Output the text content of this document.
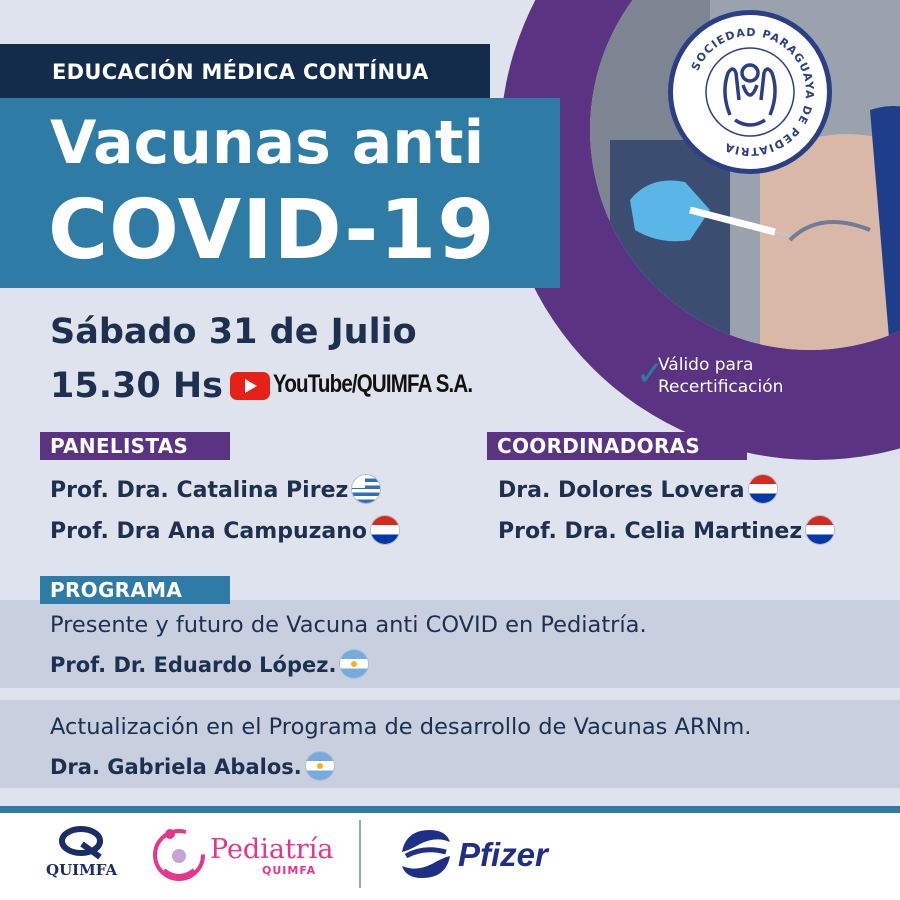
SOCIEDAD PARAGUAYA DE PEDIATRIA
✓
Válido para
Recertificación
EDUCACIÓN MÉDICA CONTÍNUA
Vacunas anti
COVID-19
Sábado 31 de Julio
15.30 Hs YouTube/QUIMFA S.A.
PANELISTAS	COORDINADORAS
Prof. Dra. Catalina Pirez
Prof. Dra Ana Campuzano
Dra. Dolores Lovera
Prof. Dra. Celia Martinez
Presente y futuro de Vacuna anti COVID en Pediatría.
Prof. Dr. Eduardo López.
Actualización en el Programa de desarrollo de Vacunas ARNm.
Dra. Gabriela Abalos.
PROGRAMA
QUIMFA
Pediatría
QUIMFA	Pfizer
